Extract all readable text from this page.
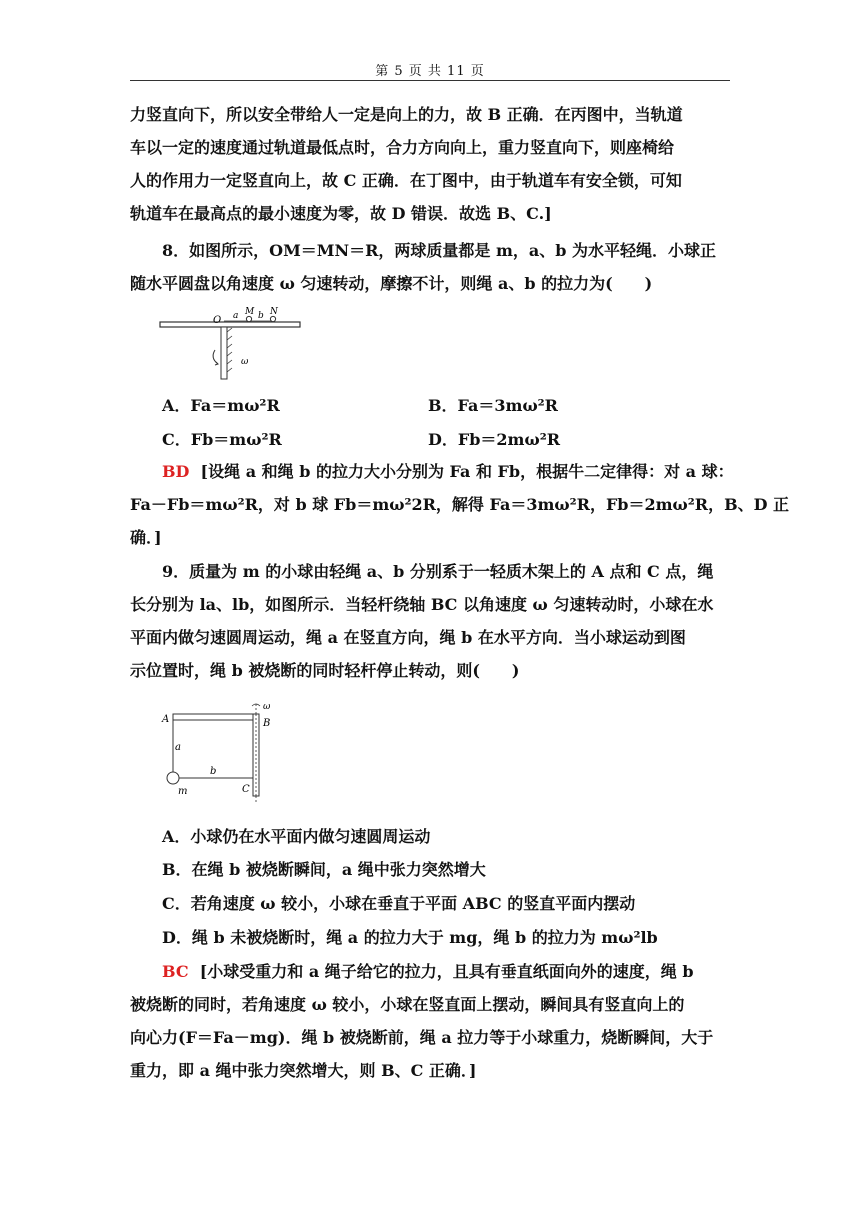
第 5 页 共 11 页
力竖直向下，所以安全带给人一定是向上的力，故 B 正确．在丙图中，当轨道
车以一定的速度通过轨道最低点时，合力方向向上，重力竖直向下，则座椅给
人的作用力一定竖直向上，故 C 正确．在丁图中，由于轨道车有安全锁，可知
轨道车在最高点的最小速度为零，故 D 错误．故选 B、C.]
8．如图所示，OM＝MN＝R，两球质量都是 m，a、b 为水平轻绳．小球正
随水平圆盘以角速度 ω 匀速转动，摩擦不计，则绳 a、b 的拉力为(　　)
O a M b N
ω
A．Fa＝mω²R	B．Fa＝3mω²R
C．Fb＝mω²R	D．Fb＝2mω²R
BD [设绳 a 和绳 b 的拉力大小分别为 Fa 和 Fb，根据牛二定律得：对 a 球：
Fa－Fb＝mω²R，对 b 球 Fb＝mω²2R，解得 Fa＝3mω²R，Fb＝2mω²R，B、D 正
确．]
9．质量为 m 的小球由轻绳 a、b 分别系于一轻质木架上的 A 点和 C 点，绳
长分别为 la、lb，如图所示．当轻杆绕轴 BC 以角速度 ω 匀速转动时，小球在水
平面内做匀速圆周运动，绳 a 在竖直方向，绳 b 在水平方向．当小球运动到图
示位置时，绳 b 被烧断的同时轻杆停止转动，则(　　)
A	B
C
a
b
m
ω
A．小球仍在水平面内做匀速圆周运动
B．在绳 b 被烧断瞬间，a 绳中张力突然增大
C．若角速度 ω 较小，小球在垂直于平面 ABC 的竖直平面内摆动
D．绳 b 未被烧断时，绳 a 的拉力大于 mg，绳 b 的拉力为 mω²lb
BC [小球受重力和 a 绳子给它的拉力，且具有垂直纸面向外的速度，绳 b
被烧断的同时，若角速度 ω 较小，小球在竖直面上摆动，瞬间具有竖直向上的
向心力(F＝Fa－mg)．绳 b 被烧断前，绳 a 拉力等于小球重力，烧断瞬间，大于
重力，即 a 绳中张力突然增大，则 B、C 正确．]
